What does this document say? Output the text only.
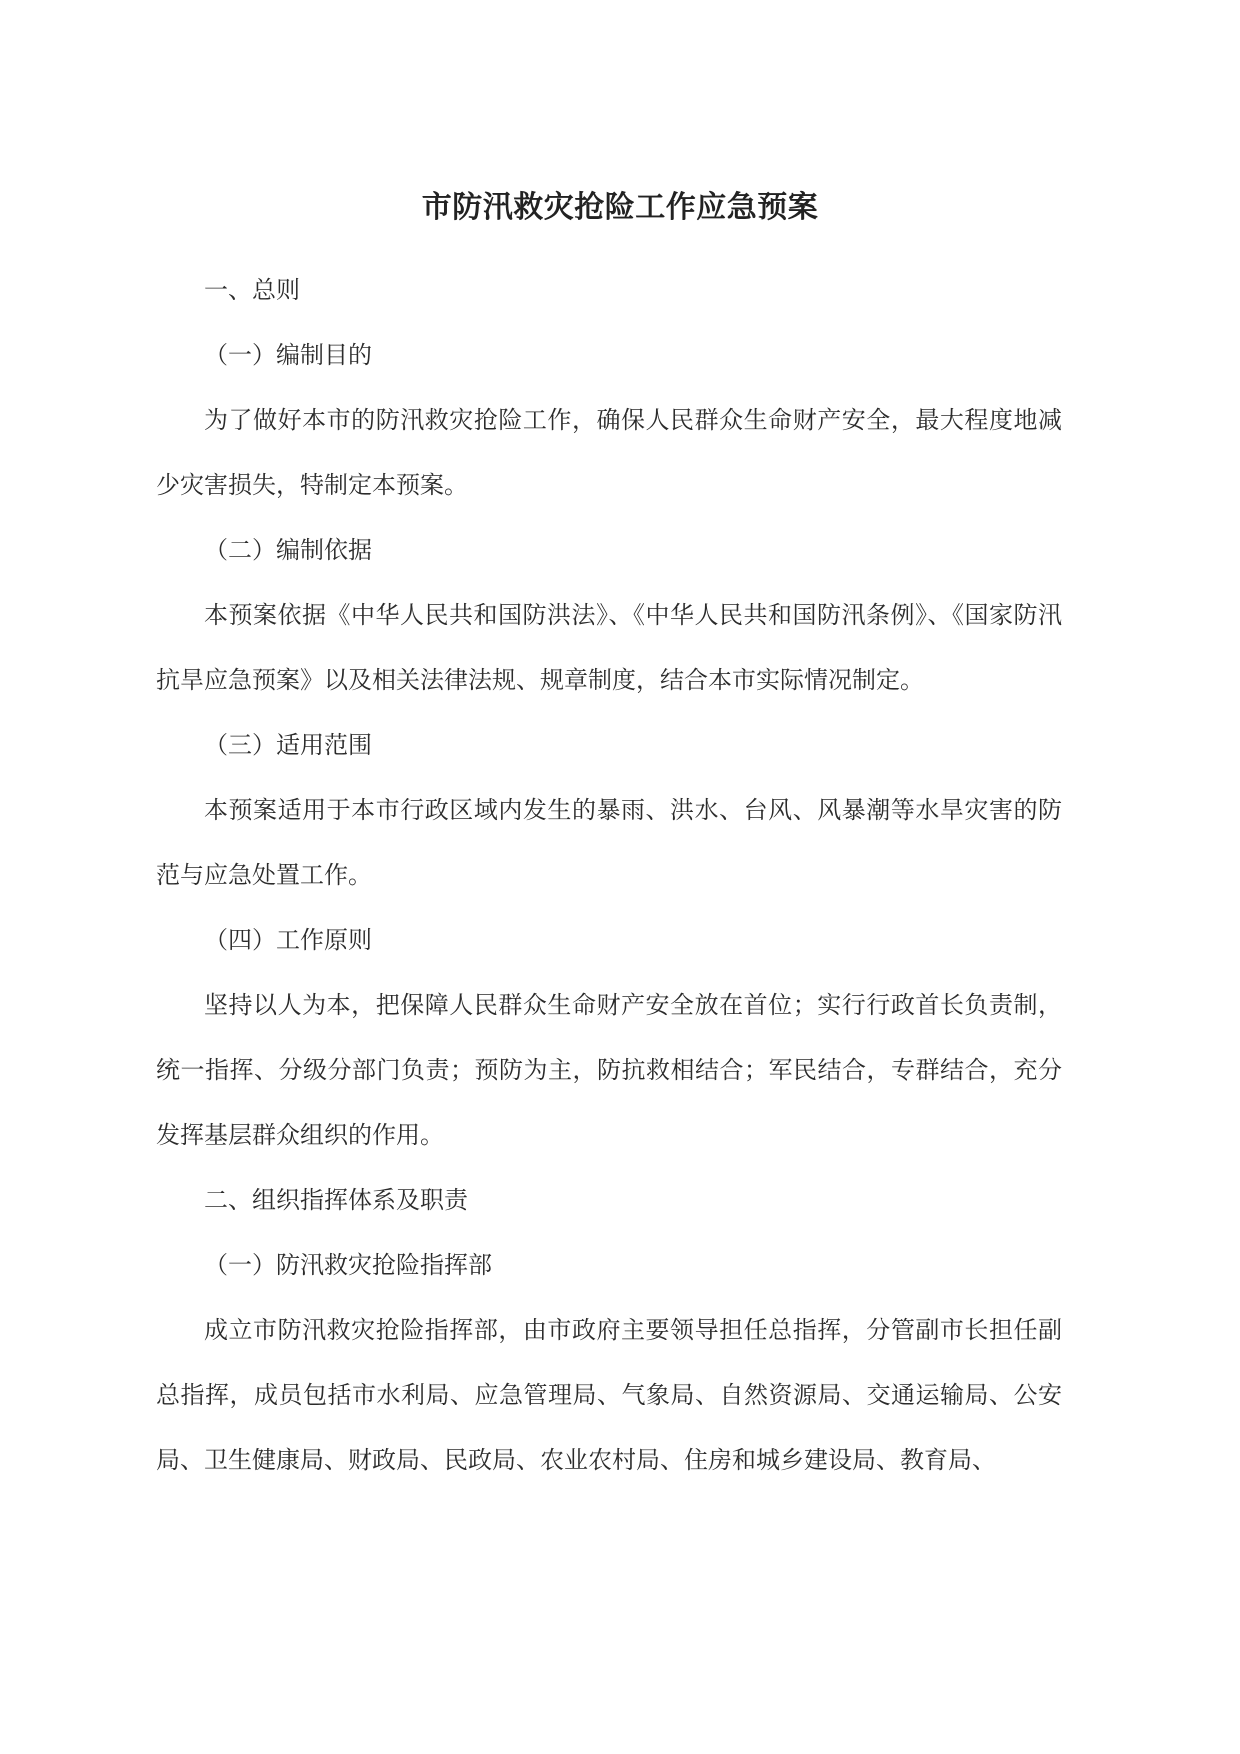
市防汛救灾抢险工作应急预案
一、总则
（一）编制目的

为了做好本市的防汛救灾抢险工作，确保人民群众生命财产安全，最大程度地减少灾害损失，特制定本预案。

（二）编制依据

本预案依据《中华人民共和国防洪法》、《中华人民共和国防汛条例》、《国家防汛抗旱应急预案》以及相关法律法规、规章制度，结合本市实际情况制定。

（三）适用范围

本预案适用于本市行政区域内发生的暴雨、洪水、台风、风暴潮等水旱灾害的防范与应急处置工作。

（四）工作原则

坚持以人为本，把保障人民群众生命财产安全放在首位；实行行政首长负责制，统一指挥、分级分部门负责；预防为主，防抗救相结合；军民结合，专群结合，充分发挥基层群众组织的作用。

二、组织指挥体系及职责
（一）防汛救灾抢险指挥部

成立市防汛救灾抢险指挥部，由市政府主要领导担任总指挥，分管副市长担任副总指挥，成员包括市水利局、应急管理局、气象局、自然资源局、交通运输局、公安局、卫生健康局、财政局、民政局、农业农村局、住房和城乡建设局、教育局、
